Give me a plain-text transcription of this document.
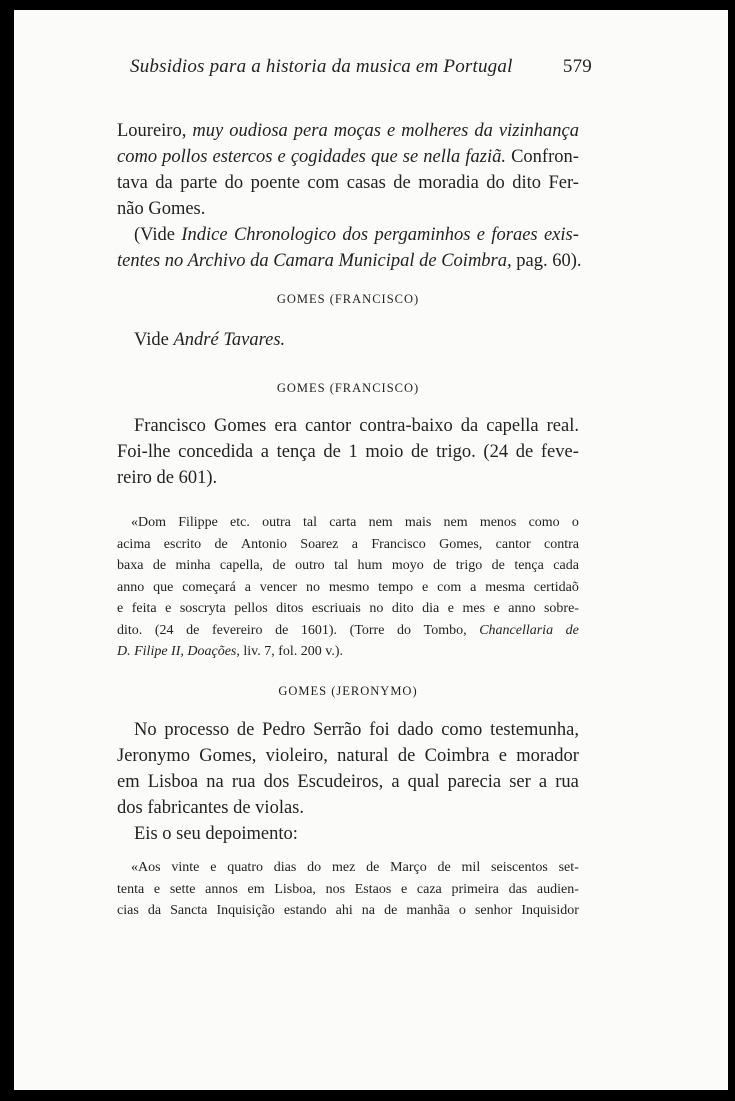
Subsidios para a historia da musica em Portugal	579
Loureiro, muy oudiosa pera moças e molheres da vizinhança
como pollos estercos e çogidades que se nella faziã. Confron-
tava da parte do poente com casas de moradia do dito Fer-
não Gomes.
(Vide Indice Chronologico dos pergaminhos e foraes exis-
tentes no Archivo da Camara Municipal de Coimbra, pag. 60).
GOMES (FRANCISCO)
Vide André Tavares.
GOMES (FRANCISCO)
Francisco Gomes era cantor contra-baixo da capella real.
Foi-lhe concedida a tença de 1 moio de trigo. (24 de feve-
reiro de 601).
«Dom Filippe etc. outra tal carta nem mais nem menos como o
acima escrito de Antonio Soarez a Francisco Gomes, cantor contra
baxa de minha capella, de outro tal hum moyo de trigo de tença cada
anno que começará a vencer no mesmo tempo e com a mesma certidaõ
e feita e soscryta pellos ditos escriuais no dito dia e mes e anno sobre-
dito. (24 de fevereiro de 1601). (Torre do Tombo, Chancellaria de
D. Filipe II, Doações, liv. 7, fol. 200 v.).
GOMES (JERONYMO)
No processo de Pedro Serrão foi dado como testemunha,
Jeronymo Gomes, violeiro, natural de Coimbra e morador
em Lisboa na rua dos Escudeiros, a qual parecia ser a rua
dos fabricantes de violas.
Eis o seu depoimento:
«Aos vinte e quatro dias do mez de Março de mil seiscentos set-
tenta e sette annos em Lisboa, nos Estaos e caza primeira das audien-
cias da Sancta Inquisição estando ahi na de manhãa o senhor Inquisidor
